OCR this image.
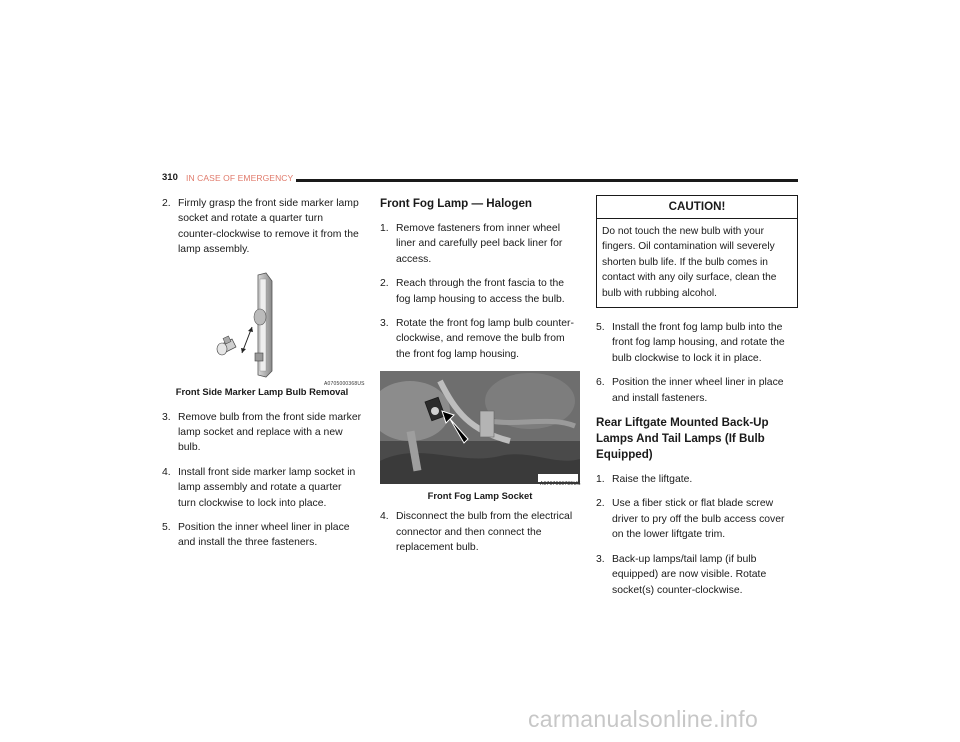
310 IN CASE OF EMERGENCY
2. Firmly grasp the front side marker lamp socket and rotate a quarter turn counter-clockwise to remove it from the lamp assembly.
A0705000368US
Front Side Marker Lamp Bulb Removal
3. Remove bulb from the front side marker lamp socket and replace with a new bulb.
4. Install front side marker lamp socket in lamp assembly and rotate a quarter turn clockwise to lock into place.
5. Position the inner wheel liner in place and install the three fasteners.
Front Fog Lamp — Halogen
1. Remove fasteners from inner wheel liner and carefully peel back liner for access.
2. Reach through the front fascia to the fog lamp housing to access the bulb.
3. Rotate the front fog lamp bulb counter-clockwise, and remove the bulb from the front fog lamp housing.
A0707000735US
Front Fog Lamp Socket
4. Disconnect the bulb from the electrical connector and then connect the replacement bulb.
CAUTION!
Do not touch the new bulb with your fingers. Oil contamination will severely shorten bulb life. If the bulb comes in contact with any oily surface, clean the bulb with rubbing alcohol.
5. Install the front fog lamp bulb into the front fog lamp housing, and rotate the bulb clockwise to lock it in place.
6. Position the inner wheel liner in place and install fasteners.
Rear Liftgate Mounted Back-Up Lamps And Tail Lamps (If Bulb Equipped)
1. Raise the liftgate.
2. Use a fiber stick or flat blade screw driver to pry off the bulb access cover on the lower liftgate trim.
3. Back-up lamps/tail lamp (if bulb equipped) are now visible. Rotate socket(s) counter-clockwise.
carmanualsonline.info
